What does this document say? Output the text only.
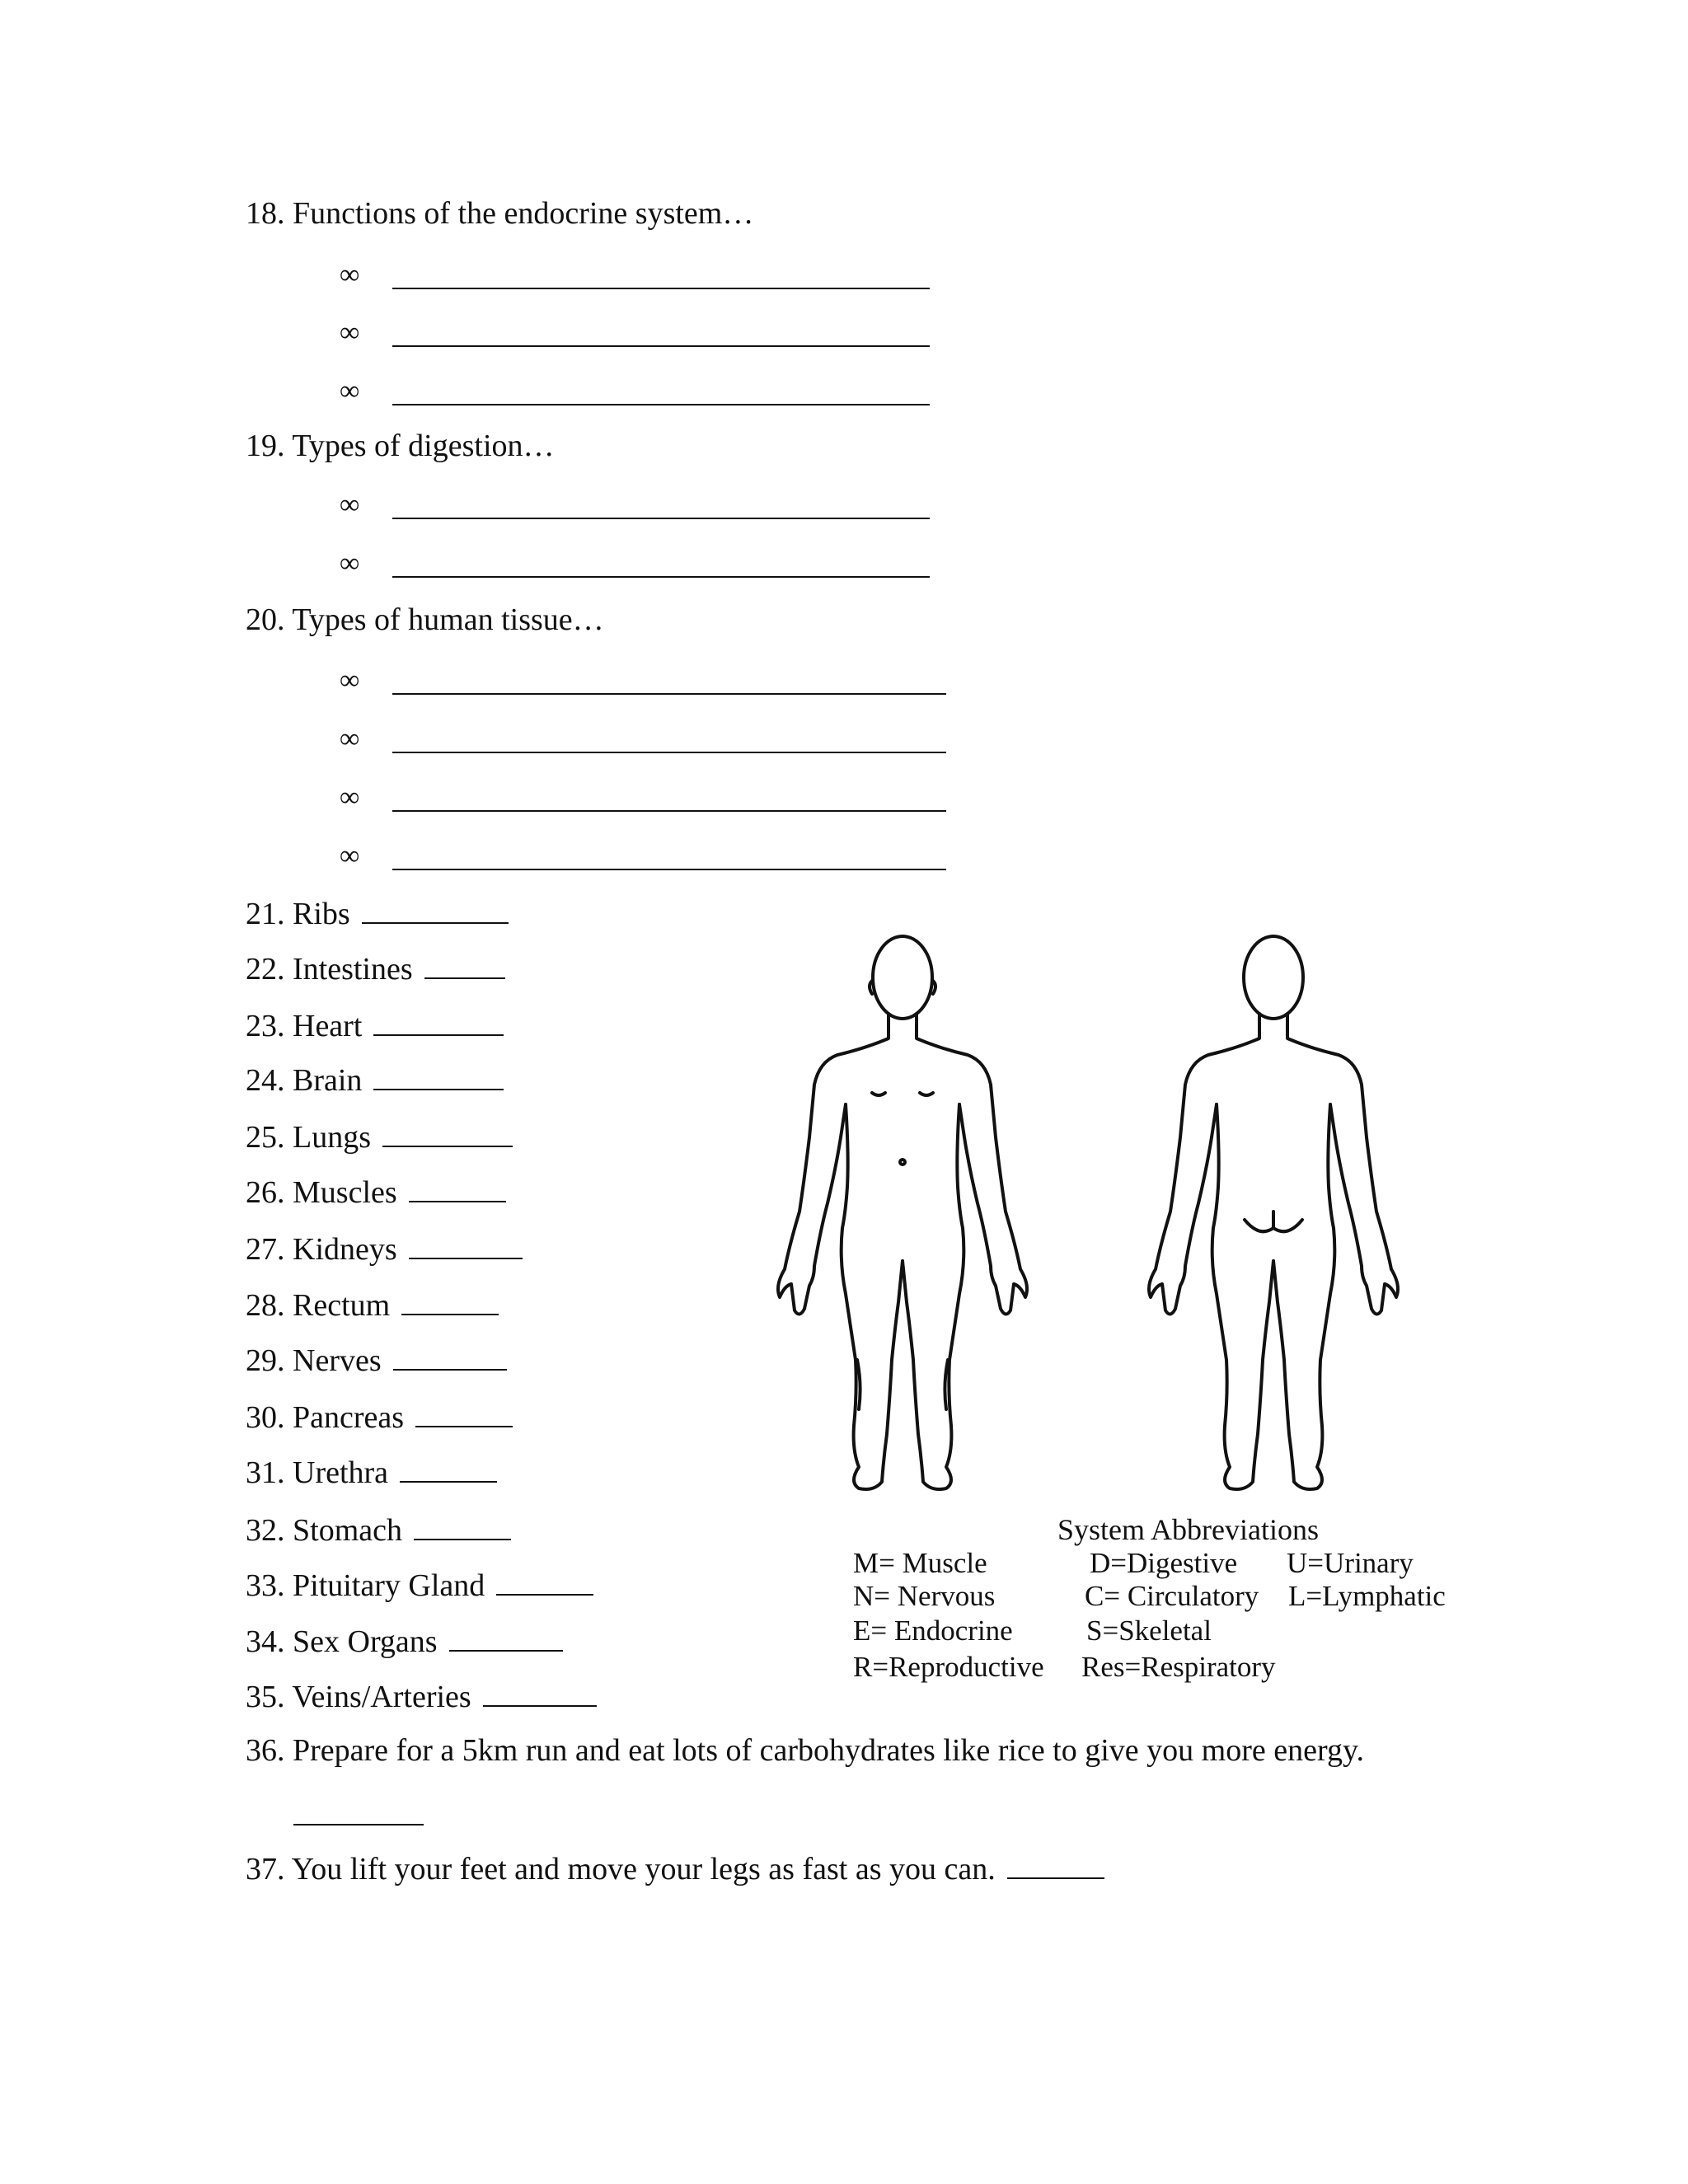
18. Functions of the endocrine system…
∞
∞
∞
19. Types of digestion…
∞
∞
20. Types of human tissue…
∞
∞
∞
∞
21. Ribs
22. Intestines
23. Heart
24. Brain
25. Lungs
26. Muscles
27. Kidneys
28. Rectum
29. Nerves
30. Pancreas
31. Urethra
32. Stomach
33. Pituitary Gland
34. Sex Organs
35. Veins/Arteries
36. Prepare for a 5km run and eat lots of carbohydrates like rice to give you more energy.
37. You lift your feet and move your legs as fast as you can.
System Abbreviations
M= Muscle	D=Digestive U=Urinary
N= Nervous	C= Circulatory L=Lymphatic
E= Endocrine	S=Skeletal
R=Reproductive Res=Respiratory
